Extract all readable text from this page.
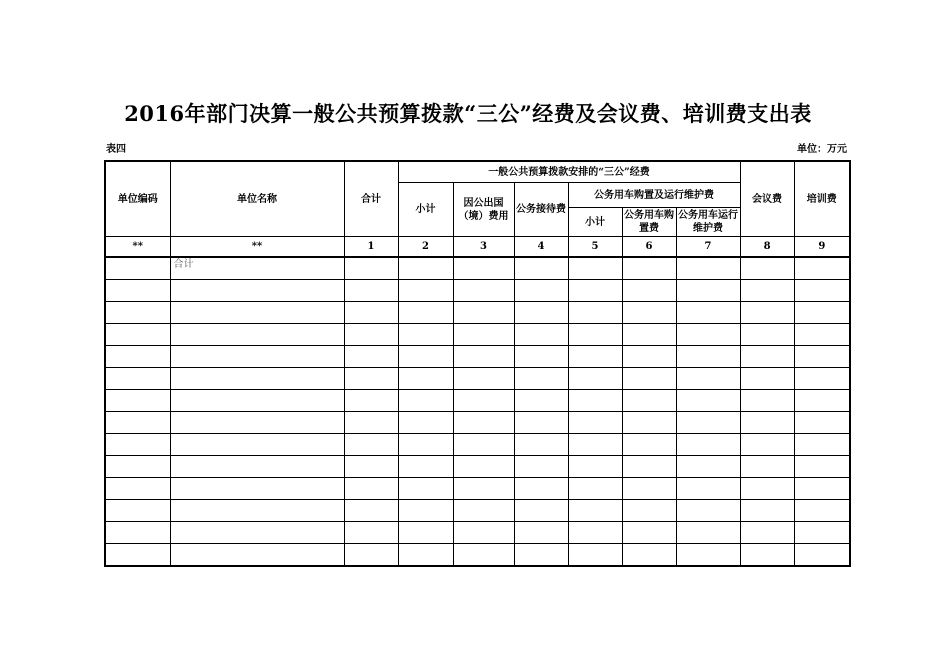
2016年部门决算一般公共预算拨款“三公”经费及会议费、培训费支出表
表四	单位：万元
单位编码	单位名称	合计	一般公共预算拨款安排的“三公”经费						会议费	培训费
			小计	因公出国（境）费用	公务接待费	公务用车购置及运行维护费				
						小计	公务用车购置费	公务用车运行维护费		
**	**	1	2	3	4	5	6	7	8	9
	合计									
